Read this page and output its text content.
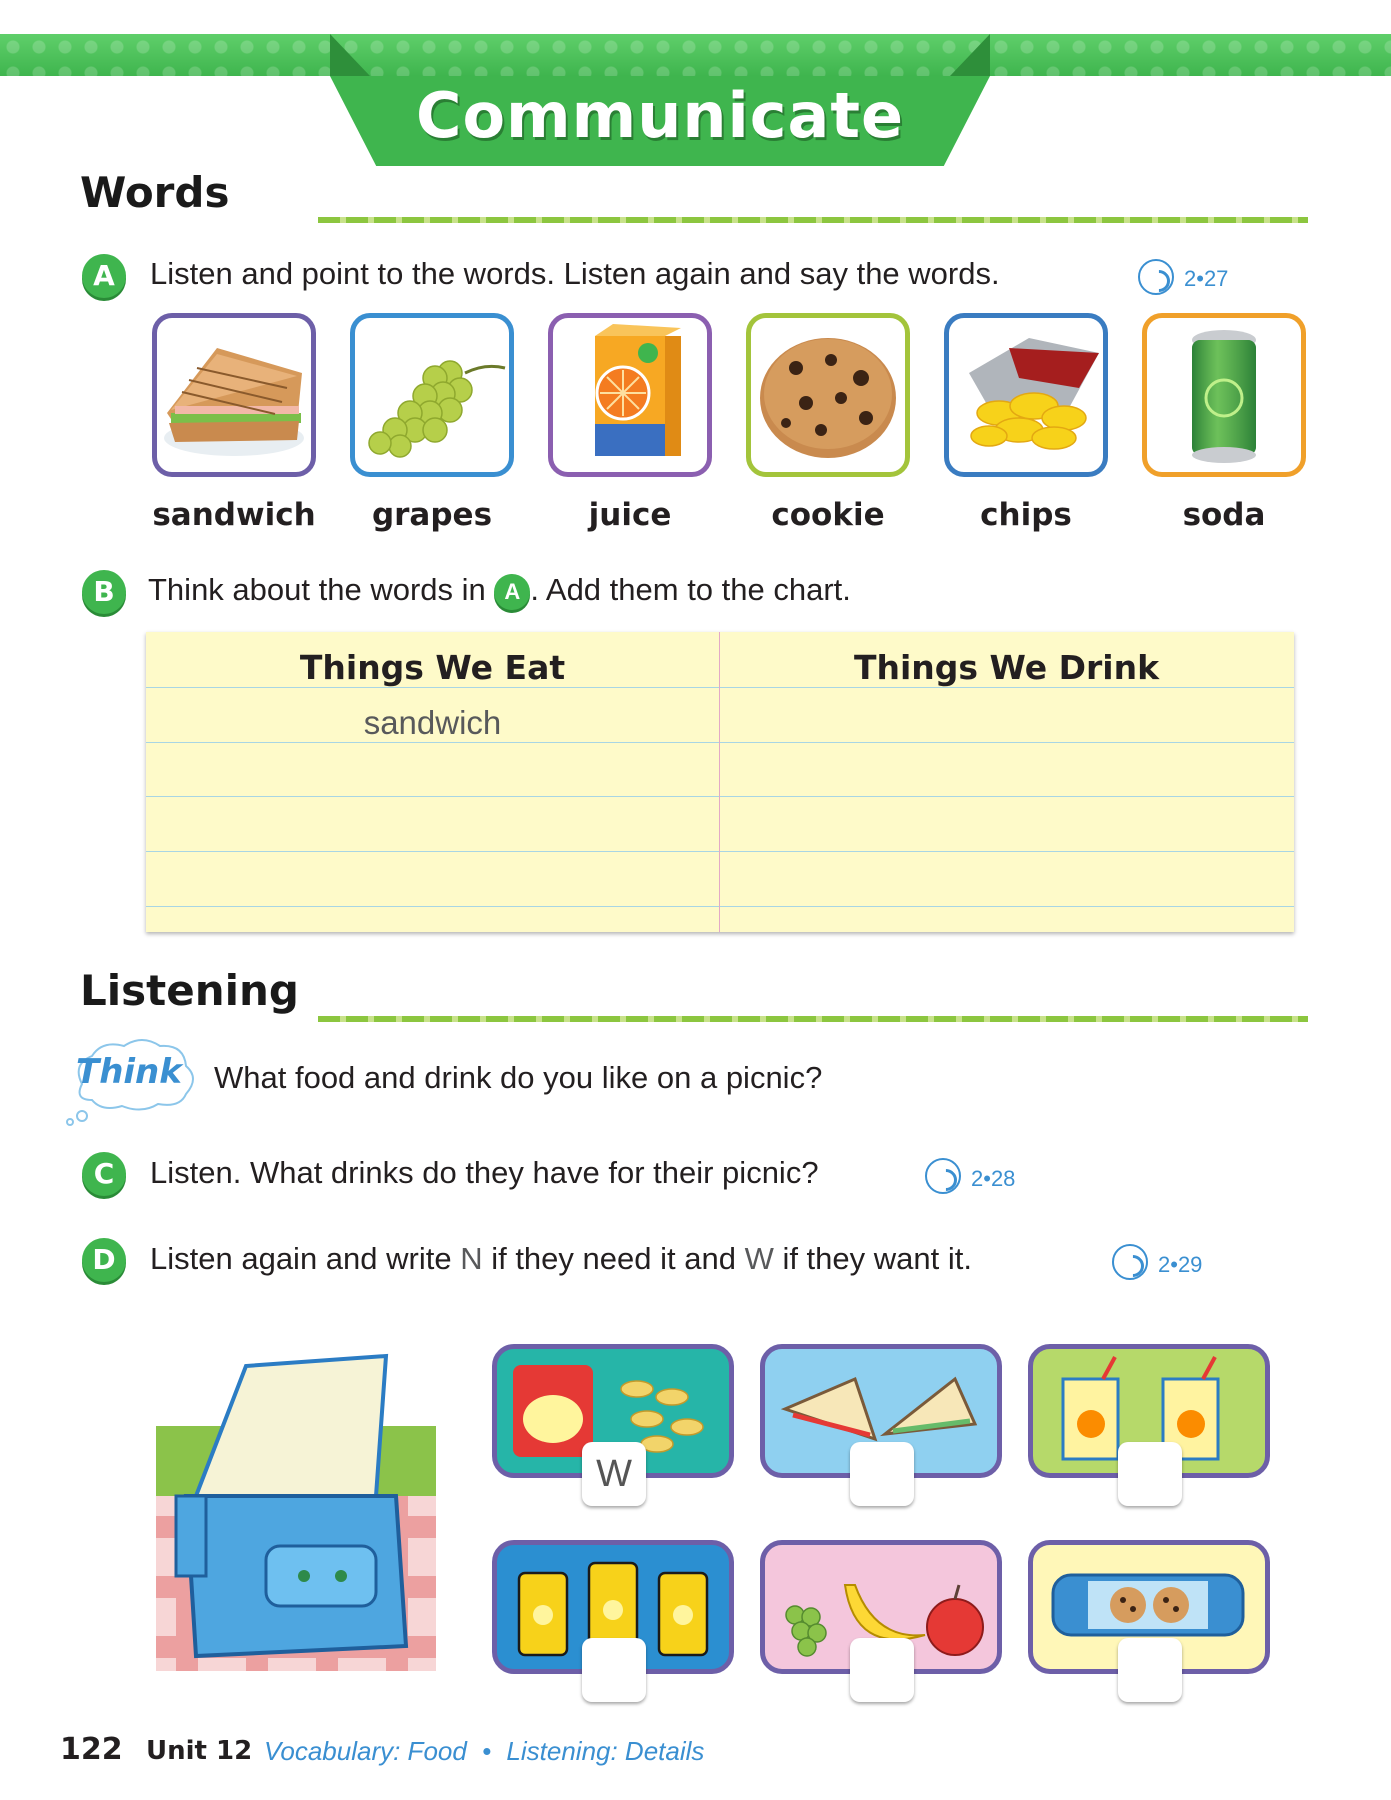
Communicate
Words
A	Listen and point to the words. Listen again and say the words.	2•27
sandwich	grapes	juice	cookie	chips	soda
B	Think about the words in A . Add them to the chart.
Things We Eat	Things We Drink
sandwich
Listening
Think What food and drink do you like on a picnic?
C	Listen. What drinks do they have for their picnic?	2•28
D	Listen again and write N if they need it and W if they want it.	2•29
W
122 Unit 12 Vocabulary: Food • Listening: Details
